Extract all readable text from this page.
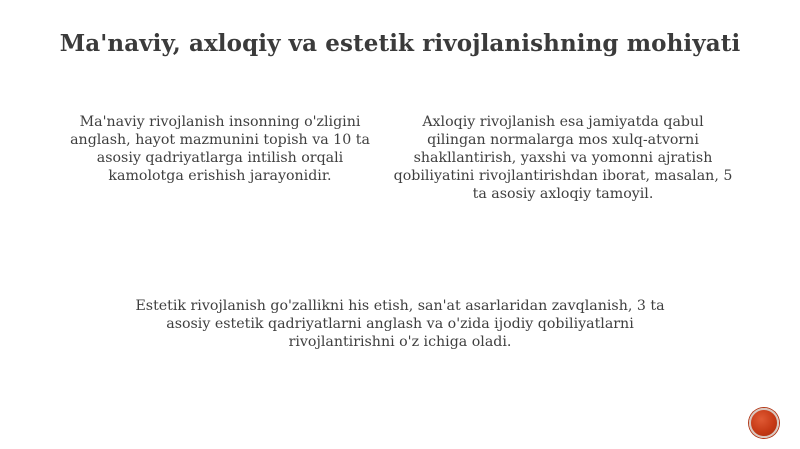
Ma'naviy, axloqiy va estetik rivojlanishning mohiyati
Ma'naviy rivojlanish insonning o'zligini anglash, hayot mazmunini topish va 10 ta asosiy qadriyatlarga intilish orqali kamolotga erishish jarayonidir.
Axloqiy rivojlanish esa jamiyatda qabul qilingan normalarga mos xulq-atvorni shakllantirish, yaxshi va yomonni ajratish qobiliyatini rivojlantirishdan iborat, masalan, 5 ta asosiy axloqiy tamoyil.
Estetik rivojlanish go'zallikni his etish, san'at asarlaridan zavqlanish, 3 ta asosiy estetik qadriyatlarni anglash va o'zida ijodiy qobiliyatlarni rivojlantirishni o'z ichiga oladi.
